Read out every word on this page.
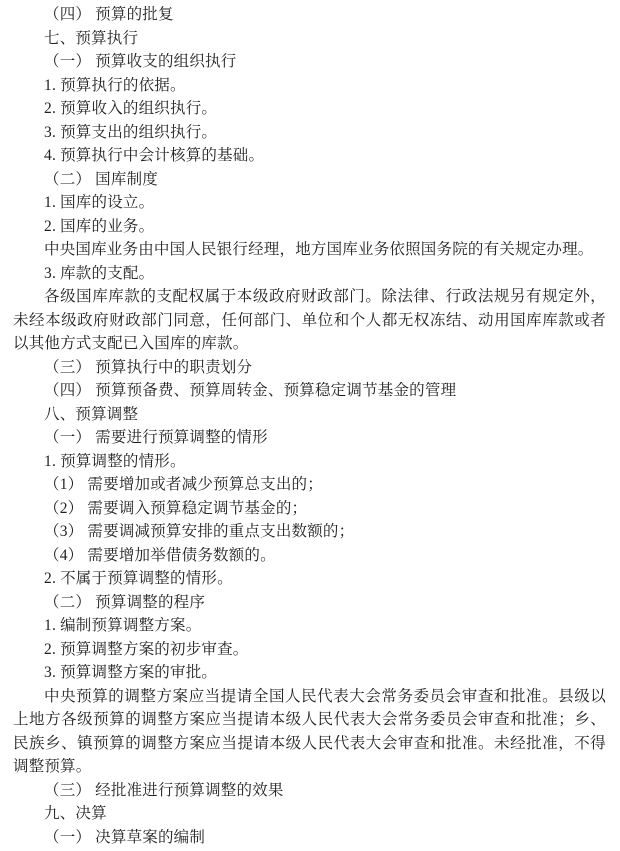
（四） 预算的批复

七、预算执行

（一） 预算收支的组织执行

1. 预算执行的依据。

2. 预算收入的组织执行。

3. 预算支出的组织执行。

4. 预算执行中会计核算的基础。

（二） 国库制度

1. 国库的设立。

2. 国库的业务。

中央国库业务由中国人民银行经理，地方国库业务依照国务院的有关规定办理。

3. 库款的支配。

各级国库库款的支配权属于本级政府财政部门。除法律、行政法规另有规定外，未经本级政府财政部门同意，任何部门、单位和个人都无权冻结、动用国库库款或者以其他方式支配已入国库的库款。

（三） 预算执行中的职责划分

（四） 预算预备费、预算周转金、预算稳定调节基金的管理

八、预算调整

（一） 需要进行预算调整的情形

1. 预算调整的情形。

（1） 需要增加或者减少预算总支出的；

（2） 需要调入预算稳定调节基金的；

（3） 需要调减预算安排的重点支出数额的；

（4） 需要增加举借债务数额的。

2. 不属于预算调整的情形。

（二） 预算调整的程序

1. 编制预算调整方案。

2. 预算调整方案的初步审查。

3. 预算调整方案的审批。

中央预算的调整方案应当提请全国人民代表大会常务委员会审查和批准。县级以上地方各级预算的调整方案应当提请本级人民代表大会常务委员会审查和批准；乡、民族乡、镇预算的调整方案应当提请本级人民代表大会审查和批准。未经批准，不得调整预算。

（三） 经批准进行预算调整的效果

九、决算

（一） 决算草案的编制
